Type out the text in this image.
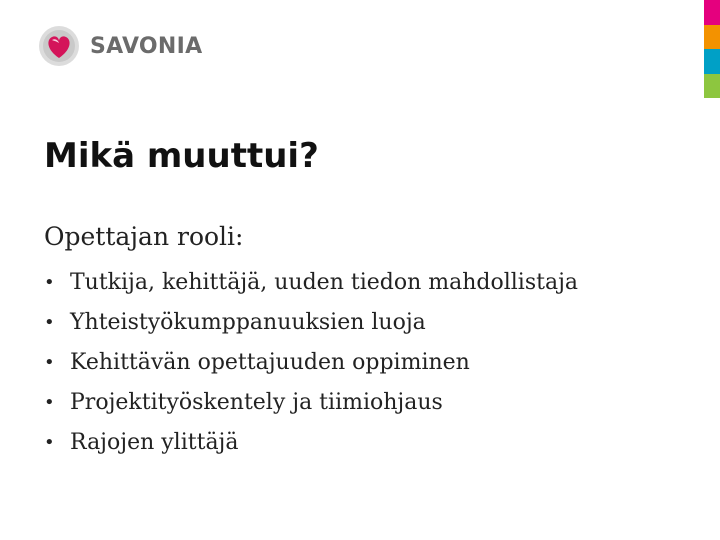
SAVONIA
Mikä muuttui?

Opettajan rooli:

• Tutkija, kehittäjä, uuden tiedon mahdollistaja
• Yhteistyökumppanuuksien luoja
• Kehittävän opettajuuden oppiminen
• Projektityöskentely ja tiimiohjaus
• Rajojen ylittäjä
